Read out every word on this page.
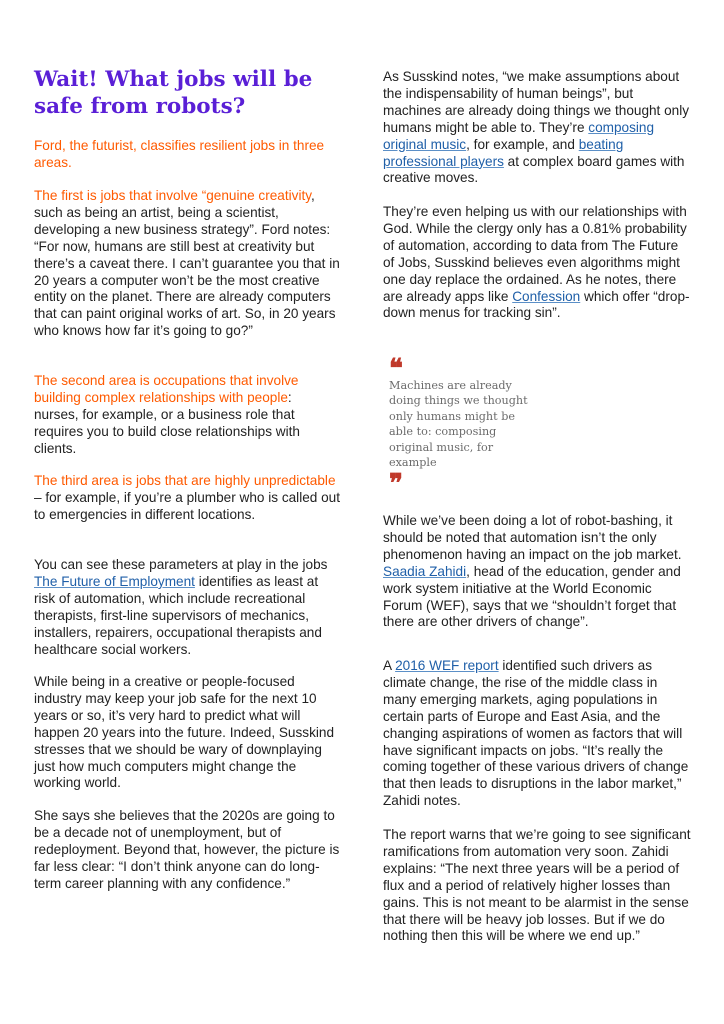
Wait! What jobs will be safe from robots?

Ford, the futurist, classifies resilient jobs in three areas.

The first is jobs that involve “genuine creativity, such as being an artist, being a scientist, developing a new business strategy”. Ford notes: “For now, humans are still best at creativity but there’s a caveat there. I can’t guarantee you that in 20 years a computer won’t be the most creative entity on the planet. There are already computers that can paint original works of art. So, in 20 years who knows how far it’s going to go?”

The second area is occupations that involve building complex relationships with people: nurses, for example, or a business role that requires you to build close relationships with clients.

The third area is jobs that are highly unpredictable – for example, if you’re a plumber who is called out to emergencies in different locations.

You can see these parameters at play in the jobs The Future of Employment identifies as least at risk of automation, which include recreational therapists, first-line supervisors of mechanics, installers, repairers, occupational therapists and healthcare social workers.

While being in a creative or people-focused industry may keep your job safe for the next 10 years or so, it’s very hard to predict what will happen 20 years into the future. Indeed, Susskind stresses that we should be wary of downplaying just how much computers might change the working world.

She says she believes that the 2020s are going to be a decade not of unemployment, but of redeployment. Beyond that, however, the picture is far less clear: “I don’t think anyone can do long-term career planning with any confidence.”

As Susskind notes, “we make assumptions about the indispensability of human beings”, but machines are already doing things we thought only humans might be able to. They’re composing original music, for example, and beating professional players at complex board games with creative moves.

They’re even helping us with our relationships with God. While the clergy only has a 0.81% probability of automation, according to data from The Future of Jobs, Susskind believes even algorithms might one day replace the ordained. As he notes, there are already apps like Confession which offer “drop-down menus for tracking sin”.

❝

Machines are already doing things we thought only humans might be able to: composing original music, for example

❞

While we’ve been doing a lot of robot-bashing, it should be noted that automation isn’t the only phenomenon having an impact on the job market. Saadia Zahidi, head of the education, gender and work system initiative at the World Economic Forum (WEF), says that we “shouldn’t forget that there are other drivers of change”.

A 2016 WEF report identified such drivers as climate change, the rise of the middle class in many emerging markets, aging populations in certain parts of Europe and East Asia, and the changing aspirations of women as factors that will have significant impacts on jobs. “It’s really the coming together of these various drivers of change that then leads to disruptions in the labor market,” Zahidi notes.

The report warns that we’re going to see significant ramifications from automation very soon. Zahidi explains: “The next three years will be a period of flux and a period of relatively higher losses than gains. This is not meant to be alarmist in the sense that there will be heavy job losses. But if we do nothing then this will be where we end up.”
